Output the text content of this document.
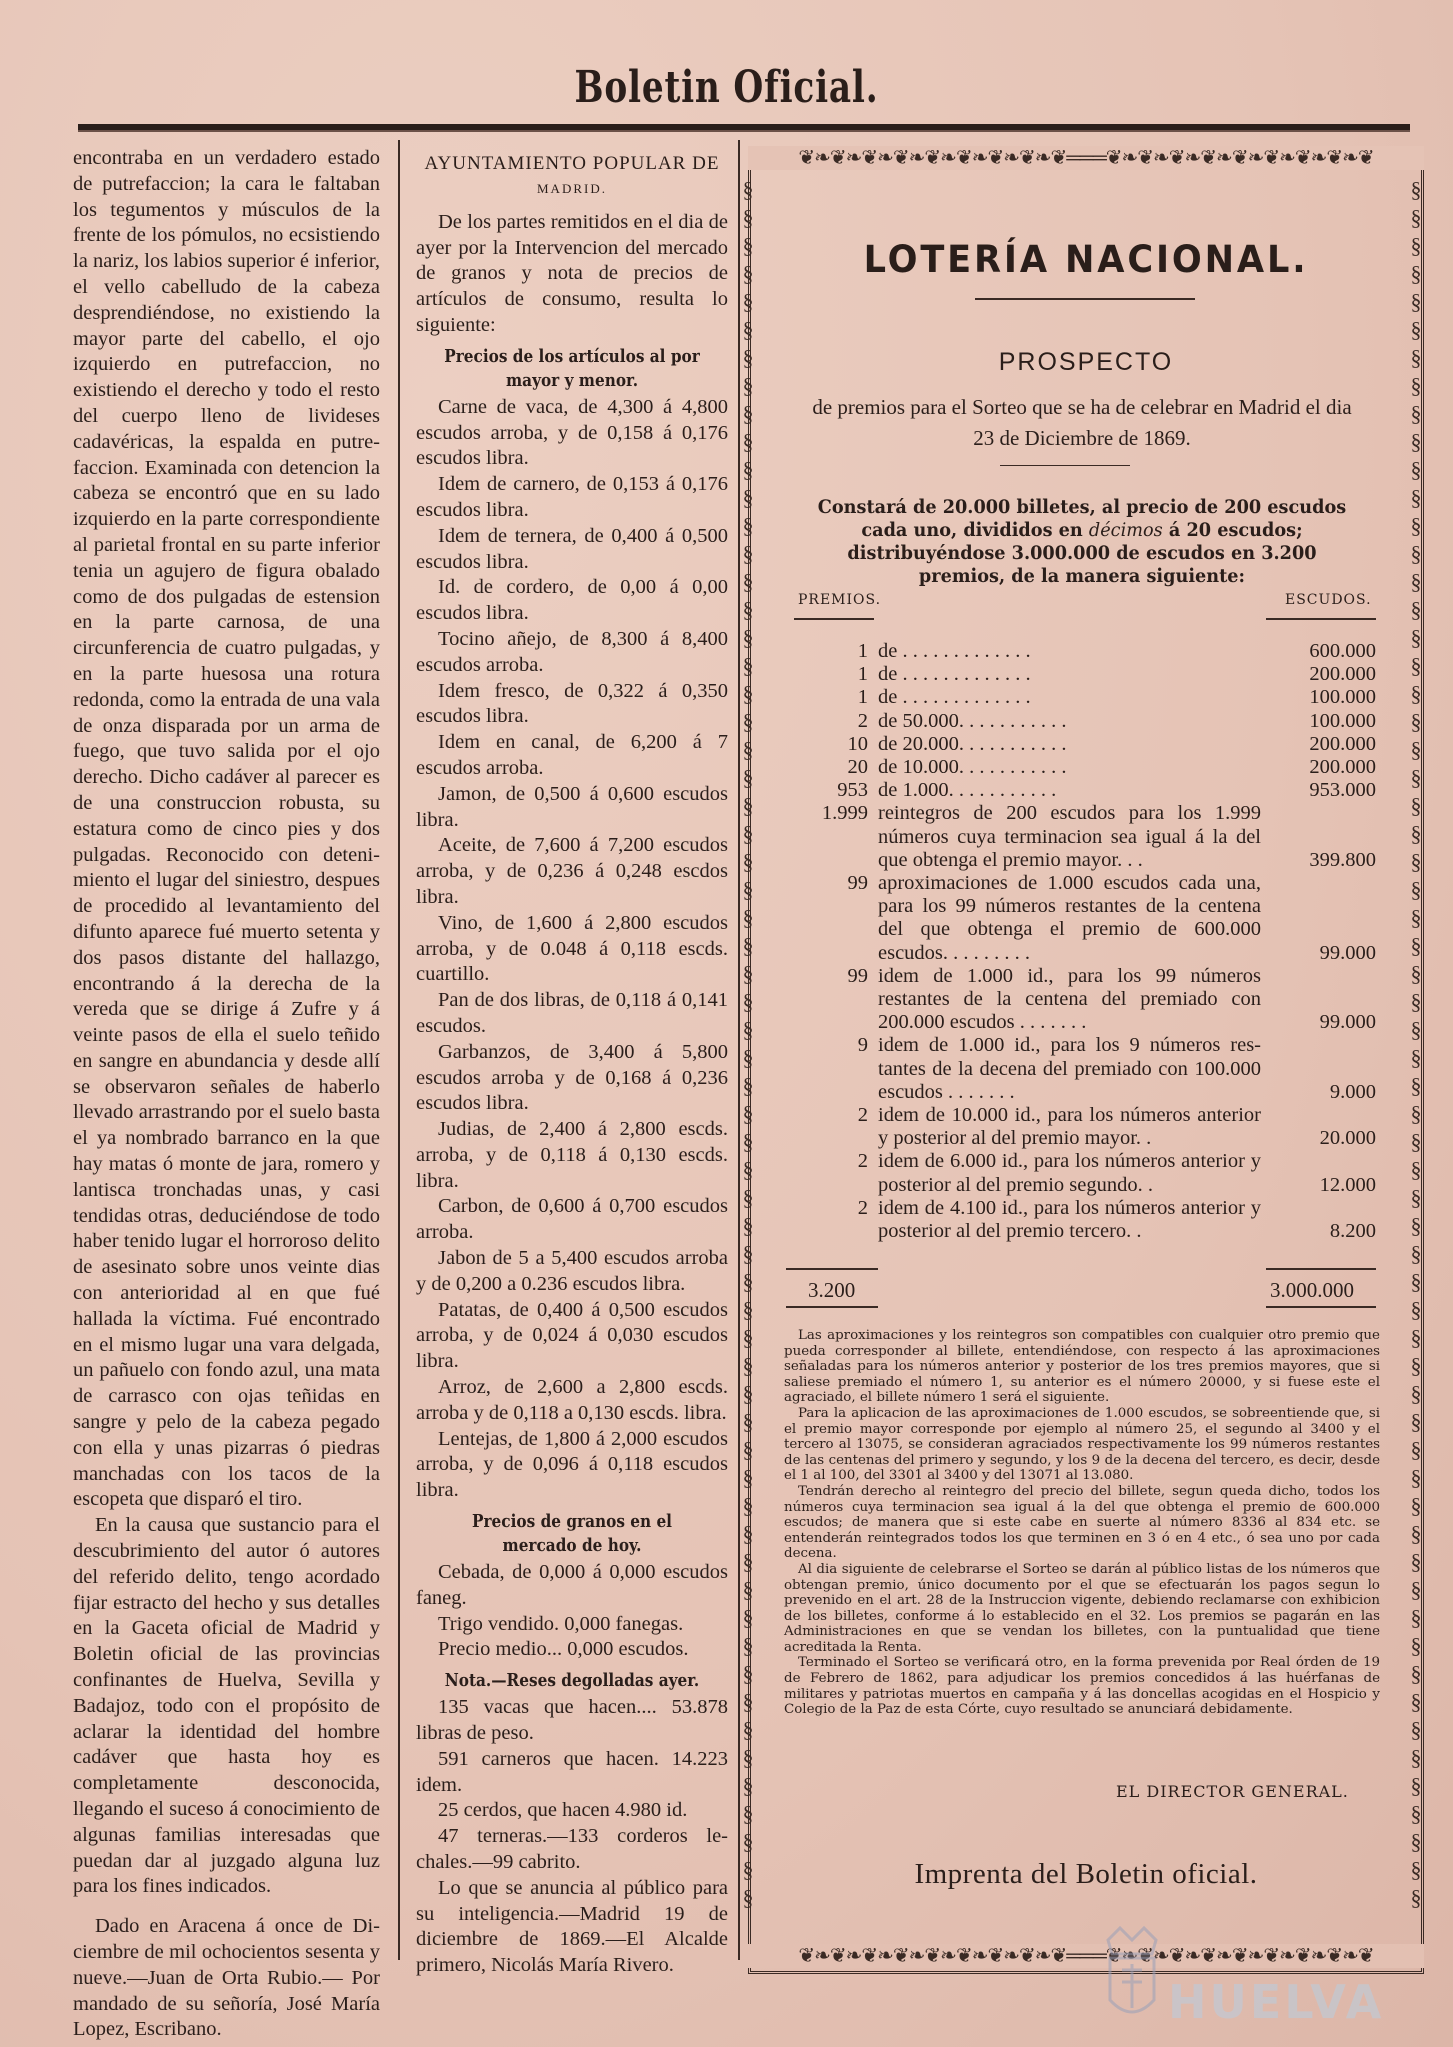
Boletin Oficial.

encontraba en un verdadero estado de putrefaccion; la cara le faltaban los tegumentos y músculos de la frente de los pómulos, no ecsistiendo la nariz, los labios superior é inferior, el vello cabelludo de la cabeza desprendiéndose, no existiendo la mayor parte del cabello, el ojo izquierdo en putrefaccion, no existiendo el derecho y todo el resto del cuerpo lleno de livideses cadavéricas, la espalda en putrefaccion. Examinada con detencion la cabeza se encontró que en su lado izquierdo en la parte correspondiente al parietal frontal en su parte inferior tenia un agujero de figura obalado como de dos pulgadas de estension en la parte carnosa, de una circunferencia de cuatro pulgadas, y en la parte huesosa una rotura redonda, como la entrada de una vala de onza disparada por un arma de fuego, que tuvo salida por el ojo derecho. Dicho cadáver al parecer es de una construccion robusta, su estatura como de cinco pies y dos pulgadas. Reconocido con detenimiento el lugar del siniestro, despues de procedido al levantamiento del difunto aparece fué muerto setenta y dos pasos distante del hallazgo, encontrando á la derecha de la vereda que se dirige á Zufre y á veinte pasos de ella el suelo teñido en sangre en abundancia y desde allí se observaron señales de haberlo llevado arrastrando por el suelo basta el ya nombrado barranco en la que hay matas ó monte de jara, romero y lantisca tronchadas unas, y casi tendidas otras, deduciéndose de todo haber tenido lugar el horroroso delito de asesinato sobre unos veinte dias con anterioridad al en que fué hallada la víctima. Fué encontrado en el mismo lugar una vara delgada, un pañuelo con fondo azul, una mata de carrasco con ojas teñidas en sangre y pelo de la cabeza pegado con ella y unas pizarras ó piedras manchadas con los tacos de la escopeta que disparó el tiro.

En la causa que sustancio para el descubrimiento del autor ó autores del referido delito, tengo acordado fijar estracto del hecho y sus detalles en la Gaceta oficial de Madrid y Boletin oficial de las provincias confinantes de Huelva, Sevilla y Badajoz, todo con el propósito de aclarar la identidad del hombre cadáver que hasta hoy es completamente desconocida, llegando el suceso á conocimiento de algunas familias interesadas que puedan dar al juzgado alguna luz para los fines indicados.

Dado en Aracena á once de Diciembre de mil ochocientos sesenta y nueve.—Juan de Orta Rubio.— Por mandado de su señoría, José María Lopez, Escribano.

AYUNTAMIENTO POPULAR DE
MADRID.

De los partes remitidos en el dia de ayer por la Intervencion del mercado de granos y nota de precios de artículos de consumo, resulta lo siguiente:

Precios de los artículos al por mayor y menor.

Carne de vaca, de 4,300 á 4,800 escudos arroba, y de 0,158 á 0,176 escudos libra.

Idem de carnero, de 0,153 á 0,176 escudos libra.

Idem de ternera, de 0,400 á 0,500 escudos libra.

Id. de cordero, de 0,00 á 0,00 escudos libra.

Tocino añejo, de 8,300 á 8,400 escudos arroba.

Idem fresco, de 0,322 á 0,350 escudos libra.

Idem en canal, de 6,200 á 7 escudos arroba.

Jamon, de 0,500 á 0,600 escudos libra.

Aceite, de 7,600 á 7,200 escudos arroba, y de 0,236 á 0,248 escdos libra.

Vino, de 1,600 á 2,800 escudos arroba, y de 0.048 á 0,118 escds. cuartillo.

Pan de dos libras, de 0,118 á 0,141 escudos.

Garbanzos, de 3,400 á 5,800 escudos arroba y de 0,168 á 0,236 escudos libra.

Judias, de 2,400 á 2,800 escds. arroba, y de 0,118 á 0,130 escds. libra.

Carbon, de 0,600 á 0,700 escudos arroba.

Jabon de 5 a 5,400 escudos arroba y de 0,200 a 0.236 escudos libra.

Patatas, de 0,400 á 0,500 escudos arroba, y de 0,024 á 0,030 escudos libra.

Arroz, de 2,600 a 2,800 escds. arroba y de 0,118 a 0,130 escds. libra.

Lentejas, de 1,800 á 2,000 escudos arroba, y de 0,096 á 0,118 escudos libra.

Precios de granos en el mercado de hoy.

Cebada, de 0,000 á 0,000 escudos faneg.

Trigo vendido. 0,000 fanegas.

Precio medio... 0,000 escudos.

Nota.—Reses degolladas ayer.

135 vacas que hacen.... 53.878 libras de peso.

591 carneros que hacen. 14.223 idem.

25 cerdos, que hacen 4.980 id.

47 terneras.—133 corderos lechales.—99 cabrito.

Lo que se anuncia al público para su inteligencia.—Madrid 19 de diciembre de 1869.—El Alcalde primero, Nicolás María Rivero.

❦❧❦❧❦❧❦❧❦❧❦❧❦❧❦❧❦═══❦❧❦❧❦❧❦❧❦❧❦❧❦❧❦❧❦
❦❧❦❧❦❧❦❧❦❧❦❧❦❧❦❧❦═══❦❧❦❧❦❧❦❧❦❧❦❧❦❧❦❧❦
§
§
§
§
§
§
§
§
§
§
§
§
§
§
§
§
§
§
§
§
§
§
§
§
§
§
§
§
§
§
§
§
§
§
§
§
§
§
§
§
§
§
§
§
§
§
§
§
§
§
§
§
§
§
§
§
§
§
§
§
§
§
§
§
§
§
§
§
§
§
§
§
§
§
§
§
§
§
§
§
§
§
§
§
§
§
§
§
§
§
§
§
§
§
§
§
§
§
§
§
§
§
§
§
§
§
§
§
§
§
§
§
§
§
§
§
§
§
§
§
§
§
§
§
LOTERÍA NACIONAL.
PROSPECTO
de premios para el Sorteo que se ha de celebrar en Madrid el dia
23 de Diciembre de 1869.
Constará de 20.000 billetes, al precio de 200 escudos cada uno, divididos en décimos á 20 escudos; distribuyéndose 3.000.000 de escudos en 3.200 premios, de la manera siguiente:
PREMIOS.	ESCUDOS.
1 de . . . . . . . . . . . . .	600.000
1 de . . . . . . . . . . . . .	200.000
1 de . . . . . . . . . . . . .	100.000
2 de 50.000. . . . . . . . . . .	100.000
10 de 20.000. . . . . . . . . . .	200.000
20 de 10.000. . . . . . . . . . .	200.000
953 de 1.000. . . . . . . . . . .	953.000
1.999 reintegros de 200 escudos para los 1.999 números cuya terminacion sea igual á la del que obtenga el premio mayor. . .	399.800
99 aproximaciones de 1.000 escudos cada una, para los 99 números restantes de la centena del que obtenga el premio de 600.000 escudos. . . . . . . . .	99.000
99 idem de 1.000 id., para los 99 números restantes de la centena del premiado con 200.000 escudos . . . . . . .	99.000
9 idem de 1.000 id., para los 9 números restantes de la decena del premiado con 100.000 escudos . . . . . . .	9.000
2 idem de 10.000 id., para los números anterior y posterior al del premio mayor. .	20.000
2 idem de 6.000 id., para los números anterior y posterior al del premio segundo. .	12.000
2 idem de 4.100 id., para los números anterior y posterior al del premio tercero. .	8.200
3.200	3.000.000

Las aproximaciones y los reintegros son compatibles con cualquier otro premio que pueda corresponder al billete, entendiéndose, con respecto á las aproximaciones señaladas para los números anterior y posterior de los tres premios mayores, que si saliese premiado el número 1, su anterior es el número 20000, y si fuese este el agraciado, el billete número 1 será el siguiente.

Para la aplicacion de las aproximaciones de 1.000 escudos, se sobreentiende que, si el premio mayor corresponde por ejemplo al número 25, el segundo al 3400 y el tercero al 13075, se consideran agraciados respectivamente los 99 números restantes de las centenas del primero y segundo, y los 9 de la decena del tercero, es decir, desde el 1 al 100, del 3301 al 3400 y del 13071 al 13.080.

Tendrán derecho al reintegro del precio del billete, segun queda dicho, todos los números cuya terminacion sea igual á la del que obtenga el premio de 600.000 escudos; de manera que si este cabe en suerte al número 8336 al 834 etc. se entenderán reintegrados todos los que terminen en 3 ó en 4 etc., ó sea uno por cada decena.

Al dia siguiente de celebrarse el Sorteo se darán al público listas de los números que obtengan premio, único documento por el que se efectuarán los pagos segun lo prevenido en el art. 28 de la Instruccion vigente, debiendo reclamarse con exhibicion de los billetes, conforme á lo establecido en el 32. Los premios se pagarán en las Administraciones en que se vendan los billetes, con la puntualidad que tiene acreditada la Renta.

Terminado el Sorteo se verificará otro, en la forma prevenida por Real órden de 19 de Febrero de 1862, para adjudicar los premios concedidos á las huérfanas de militares y patriotas muertos en campaña y á las doncellas acogidas en el Hospicio y Colegio de la Paz de esta Córte, cuyo resultado se anunciará debidamente.

EL DIRECTOR GENERAL.
Imprenta del Boletin oficial.
HUELVA
